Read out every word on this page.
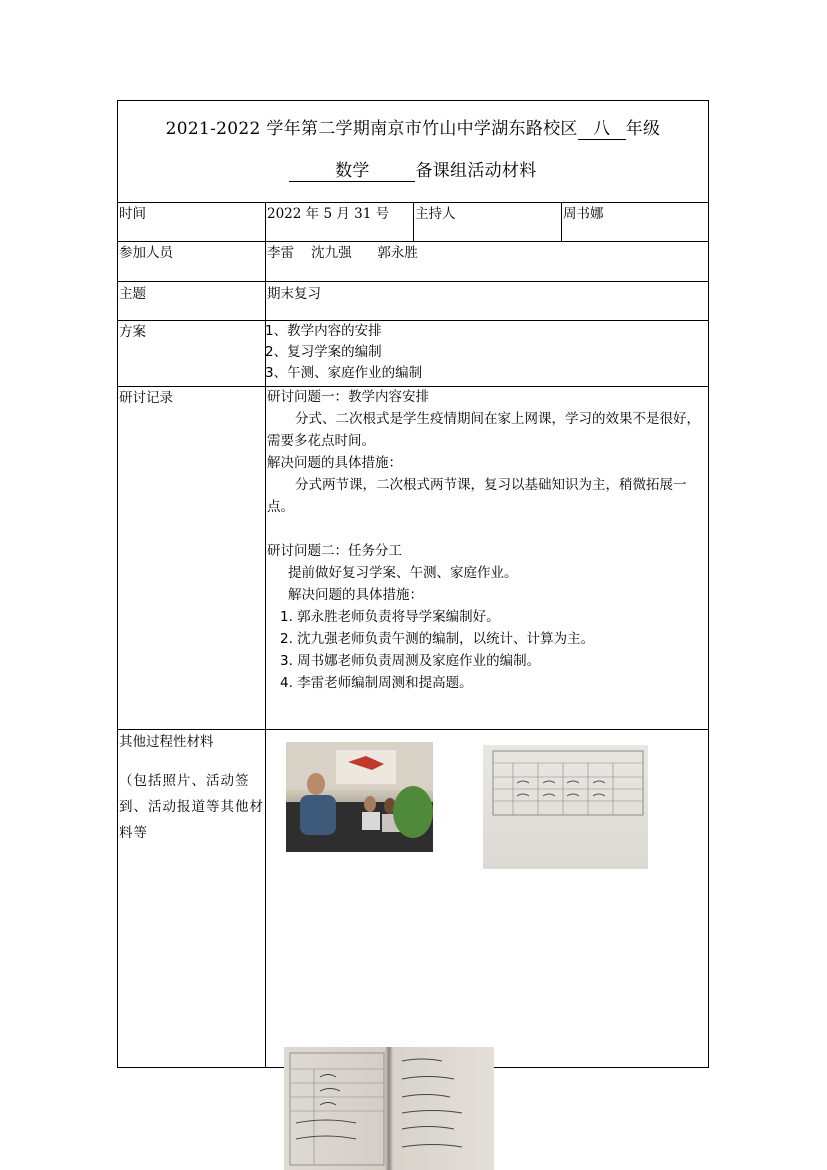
2021-2022 学年第二学期南京市竹山中学湖东路校区 八 年级
数学	备课组活动材料
时间	2022 年 5 月 31 号 主持人	周书娜
参加人员	李雷    沈九强      郭永胜
主题	期末复习
方案	1、教学内容的安排
2、复习学案的编制
3、午测、家庭作业的编制
研讨记录	研讨问题一：教学内容安排
分式、二次根式是学生疫情期间在家上网课，学习的效果不是很好，需要多花点时间。
解决问题的具体措施：
分式两节课，二次根式两节课，复习以基础知识为主，稍微拓展一点。
研讨问题二：任务分工
提前做好复习学案、午测、家庭作业。
解决问题的具体措施：
1. 郭永胜老师负责将导学案编制好。
2. 沈九强老师负责午测的编制，以统计、计算为主。
3. 周书娜老师负责周测及家庭作业的编制。
4. 李雷老师编制周测和提高题。
其他过程性材料
（包括照片、活动签到、活动报道等其他材料等
